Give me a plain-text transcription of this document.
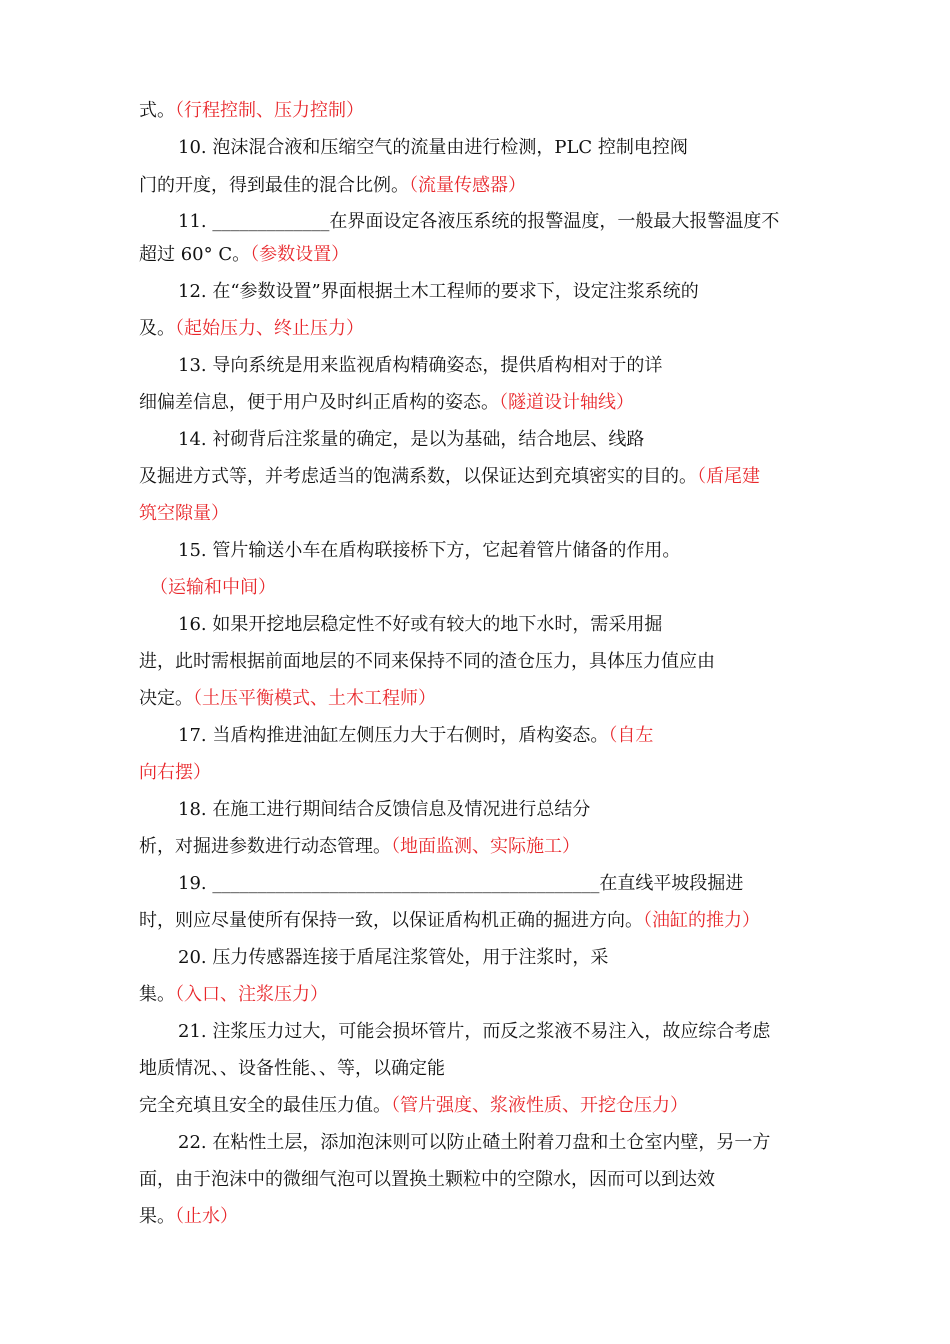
式。（行程控制、压力控制）
10. 泡沫混合液和压缩空气的流量由进行检测，PLC 控制电控阀
门的开度，得到最佳的混合比例。（流量传感器）
11. _____________在界面设定各液压系统的报警温度，一般最大报警温度不
超过 60° C。（参数设置）
12. 在“参数设置”界面根据土木工程师的要求下，设定注浆系统的
及。（起始压力、终止压力）
13. 导向系统是用来监视盾构精确姿态，提供盾构相对于的详
细偏差信息，便于用户及时纠正盾构的姿态。（隧道设计轴线）
14. 衬砌背后注浆量的确定，是以为基础，结合地层、线路
及掘进方式等，并考虑适当的饱满系数，以保证达到充填密实的目的。（盾尾建
筑空隙量）
15. 管片输送小车在盾构联接桥下方，它起着管片储备的作用。
（运输和中间）
16. 如果开挖地层稳定性不好或有较大的地下水时，需采用掘
进，此时需根据前面地层的不同来保持不同的渣仓压力，具体压力值应由
决定。（土压平衡模式、土木工程师）
17. 当盾构推进油缸左侧压力大于右侧时，盾构姿态。（自左
向右摆）
18. 在施工进行期间结合反馈信息及情况进行总结分
析，对掘进参数进行动态管理。（地面监测、实际施工）
19. ___________________________________________在直线平坡段掘进
时，则应尽量使所有保持一致，以保证盾构机正确的掘进方向。（油缸的推力）
20. 压力传感器连接于盾尾注浆管处，用于注浆时，采
集。（入口、注浆压力）
21. 注浆压力过大，可能会损坏管片，而反之浆液不易注入，故应综合考虑
地质情况、、设备性能、、等，以确定能
完全充填且安全的最佳压力值。（管片强度、浆液性质、开挖仓压力）
22. 在粘性土层，添加泡沫则可以防止碴土附着刀盘和土仓室内壁，另一方
面，由于泡沫中的微细气泡可以置换土颗粒中的空隙水，因而可以到达效
果。（止水）
